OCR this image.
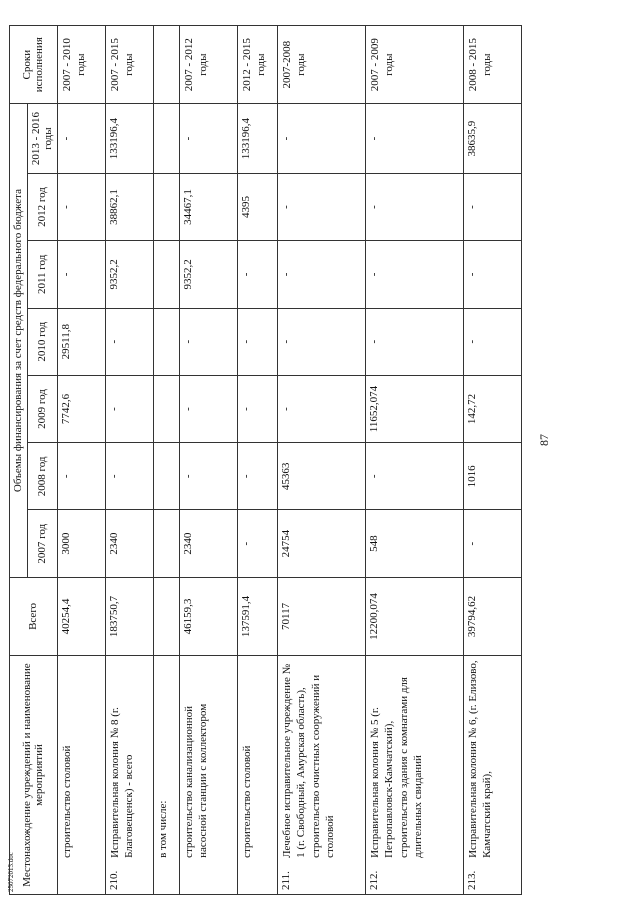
87
25072013.doc Местонахождение учреждений и наименование мероприятий		Всего	Объемы финансирования за счет средств федерального бюджета							Сроки исполнения
			2007 год	2008 год	2009 год	2010 год	2011 год	2012 год	2013 - 2016 годы	
	строительство столовой	40254,4	3000	-	7742,6	29511,8	-	-	-	2007 - 2010 годы
210.	Исправительная колония № 8 (г. Благовещенск) - всего	183750,7	2340	-	-	-	9352,2	38862,1	133196,4	2007 - 2015 годы
	в том числе:									
	строительство канализационной насосной станции с коллектором	46159,3	2340	-	-	-	9352,2	34467,1	-	2007 - 2012 годы
	строительство столовой	137591,4	-	-	-	-	-	4395	133196,4	2012 - 2015 годы
211.	Лечебное исправительное учреждение № 1 (г. Свободный, Амурская область), строительство очистных сооружений и столовой	70117	24754	45363	-	-	-	-	-	2007-2008 годы
212.	Исправительная колония № 5 (г. Петропавловск-Камчатский), строительство здания с комнатами для длительных свиданий	12200,074	548	-	11652,074	-	-	-	-	2007 - 2009 годы
213.	Исправительная колония № 6, (г. Елизово, Камчатский край),	39794,62	-	1016	142,72	-	-	-	38635,9	2008 - 2015 годы
